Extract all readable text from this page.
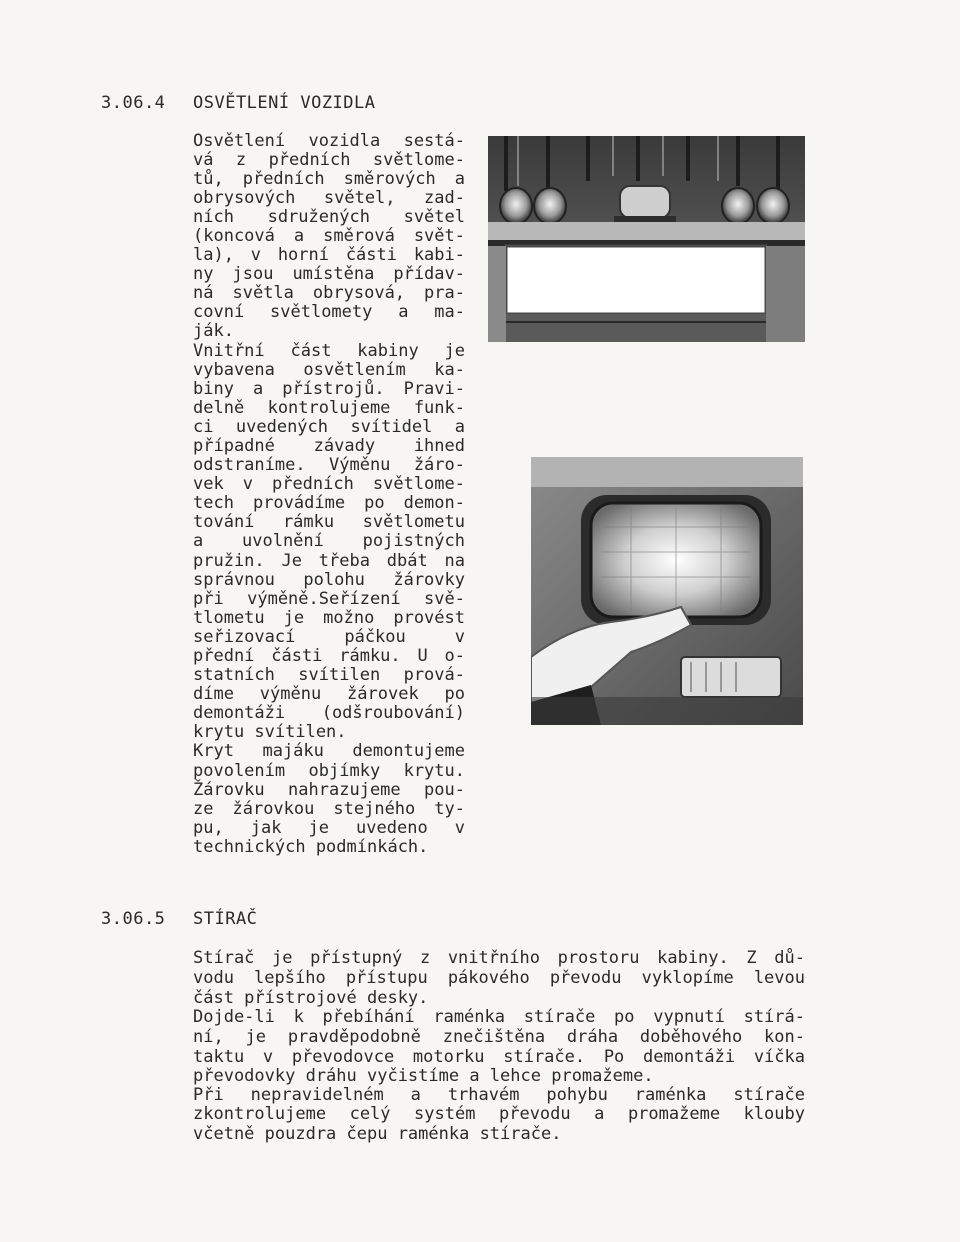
3.06.4 OSVĚTLENÍ VOZIDLA
Osvětlení vozidla sestá-
vá z předních světlome-
tů, předních směrových a
obrysových světel, zad-
ních sdružených světel
(koncová a směrová svět-
la), v horní části kabi-
ny jsou umístěna přídav-
ná světla obrysová, pra-
covní světlomety a ma-
ják.
Vnitřní část kabiny je
vybavena osvětlením ka-
biny a přístrojů. Pravi-
delně kontrolujeme funk-
ci uvedených svítidel a
případné závady ihned
odstraníme. Výměnu žáro-
vek v předních světlome-
tech provádíme po demon-
tování rámku světlometu
a uvolnění pojistných
pružin. Je třeba dbát na
správnou polohu žárovky
při výměně.Seřízení svě-
tlometu je možno provést
seřizovací páčkou v
přední části rámku. U o-
statních svítilen prová-
díme výměnu žárovek po
demontáži (odšroubování)
krytu svítilen.
Kryt majáku demontujeme
povolením objímky krytu.
Žárovku nahrazujeme pou-
ze žárovkou stejného ty-
pu, jak je uvedeno v
technických podmínkách.
3.06.5 STÍRAČ
Stírač je přístupný z vnitřního prostoru kabiny. Z dů-
vodu lepšího přístupu pákového převodu vyklopíme levou
část přístrojové desky.
Dojde-li k přebíhání raménka stírače po vypnutí stírá-
ní, je pravděpodobně znečištěna dráha doběhového kon-
taktu v převodovce motorku stírače. Po demontáži víčka
převodovky dráhu vyčistíme a lehce promažeme.
Při nepravidelném a trhavém pohybu raménka stírače
zkontrolujeme celý systém převodu a promažeme klouby
včetně pouzdra čepu raménka stírače.
